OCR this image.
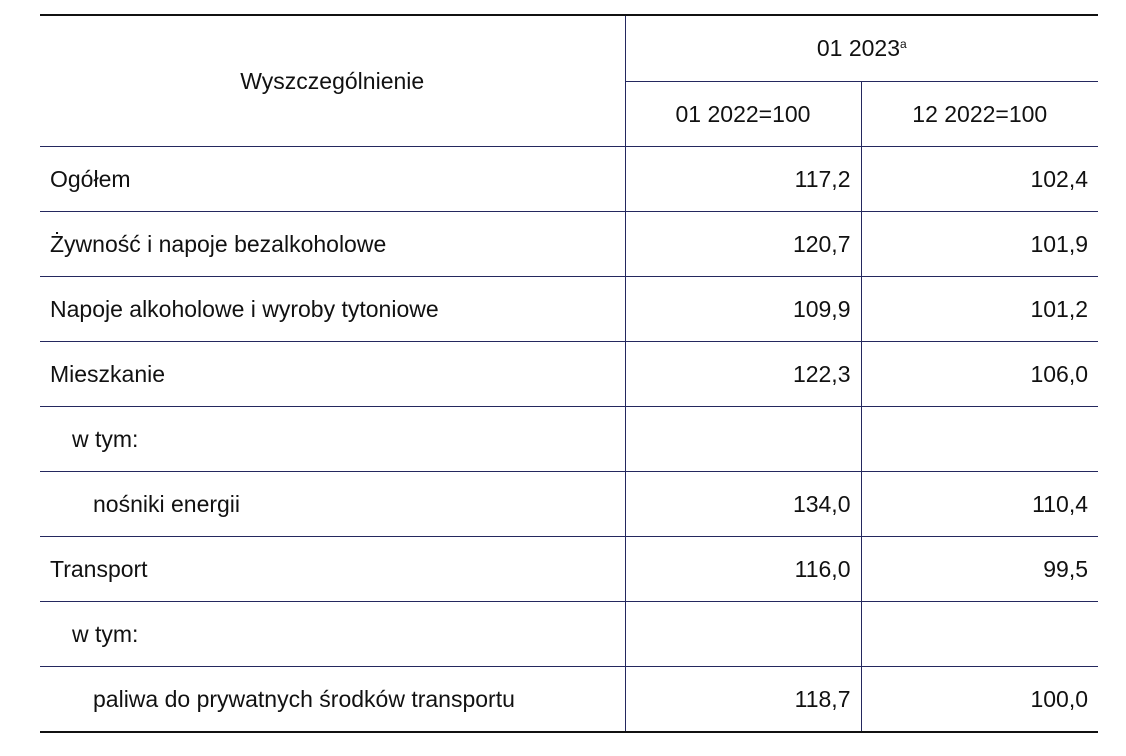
Wyszczególnienie	01 2023$^a$
	01 2022=100	12 2022=100
Ogółem	117,2	102,4
Żywność i napoje bezalkoholowe	120,7	101,9
Napoje alkoholowe i wyroby tytoniowe	109,9	101,2
Mieszkanie	122,3	106,0
w tym:		
nośniki energii	134,0	110,4
Transport	116,0	99,5
w tym:		
paliwa do prywatnych środków transportu	118,7	100,0
